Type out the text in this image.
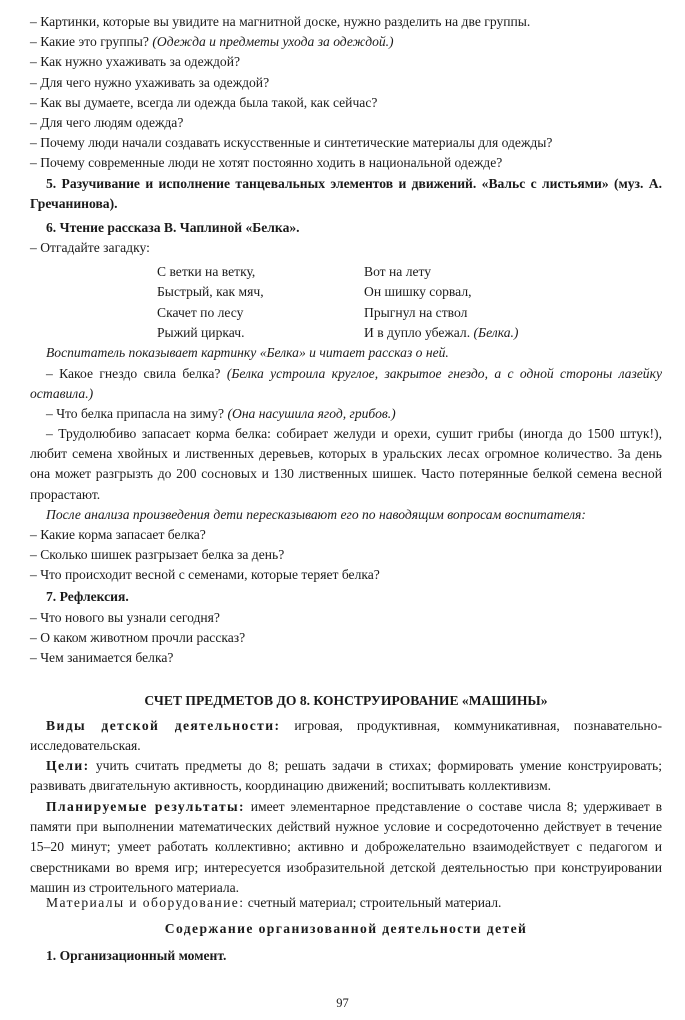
– Картинки, которые вы увидите на магнитной доске, нужно разделить на две группы.
– Какие это группы? (Одежда и предметы ухода за одеждой.)
– Как нужно ухаживать за одеждой?
– Для чего нужно ухаживать за одеждой?
– Как вы думаете, всегда ли одежда была такой, как сейчас?
– Для чего людям одежда?
– Почему люди начали создавать искусственные и синтетические материалы для одежды?
– Почему современные люди не хотят постоянно ходить в национальной одежде?
5. Разучивание и исполнение танцевальных элементов и движений. «Вальс с листьями» (муз. А. Гречанинова).
6. Чтение рассказа В. Чаплиной «Белка».
– Отгадайте загадку:
С ветки на ветку,
Быстрый, как мяч,
Скачет по лесу
Рыжий циркач.
Вот на лету
Он шишку сорвал,
Прыгнул на ствол
И в дупло убежал. (Белка.)
Воспитатель показывает картинку «Белка» и читает рассказ о ней.
– Какое гнездо свила белка? (Белка устроила круглое, закрытое гнездо, а с одной стороны лазейку оставила.)
– Что белка припасла на зиму? (Она насушила ягод, грибов.)
– Трудолюбиво запасает корма белка: собирает желуди и орехи, сушит грибы (иногда до 1500 штук!), любит семена хвойных и лиственных деревьев, которых в уральских лесах огромное количество. За день она может разгрызть до 200 сосновых и 130 лиственных шишек. Часто потерянные белкой семена весной прорастают.
После анализа произведения дети пересказывают его по наводящим вопросам воспитателя:
– Какие корма запасает белка?
– Сколько шишек разгрызает белка за день?
– Что происходит весной с семенами, которые теряет белка?
7. Рефлексия.
– Что нового вы узнали сегодня?
– О каком животном прочли рассказ?
– Чем занимается белка?
СЧЕТ ПРЕДМЕТОВ ДО 8. КОНСТРУИРОВАНИЕ «МАШИНЫ»
Виды детской деятельности: игровая, продуктивная, коммуникативная, познавательно-исследовательская.
Цели: учить считать предметы до 8; решать задачи в стихах; формировать умение конструировать; развивать двигательную активность, координацию движений; воспитывать коллективизм.
Планируемые результаты: имеет элементарное представление о составе числа 8; удерживает в памяти при выполнении математических действий нужное условие и сосредоточенно действует в течение 15–20 минут; умеет работать коллективно; активно и доброжелательно взаимодействует с педагогом и сверстниками во время игр; интересуется изобразительной детской деятельностью при конструировании машин из строительного материала.
Материалы и оборудование: счетный материал; строительный материал.
Содержание организованной деятельности детей
1. Организационный момент.
97
